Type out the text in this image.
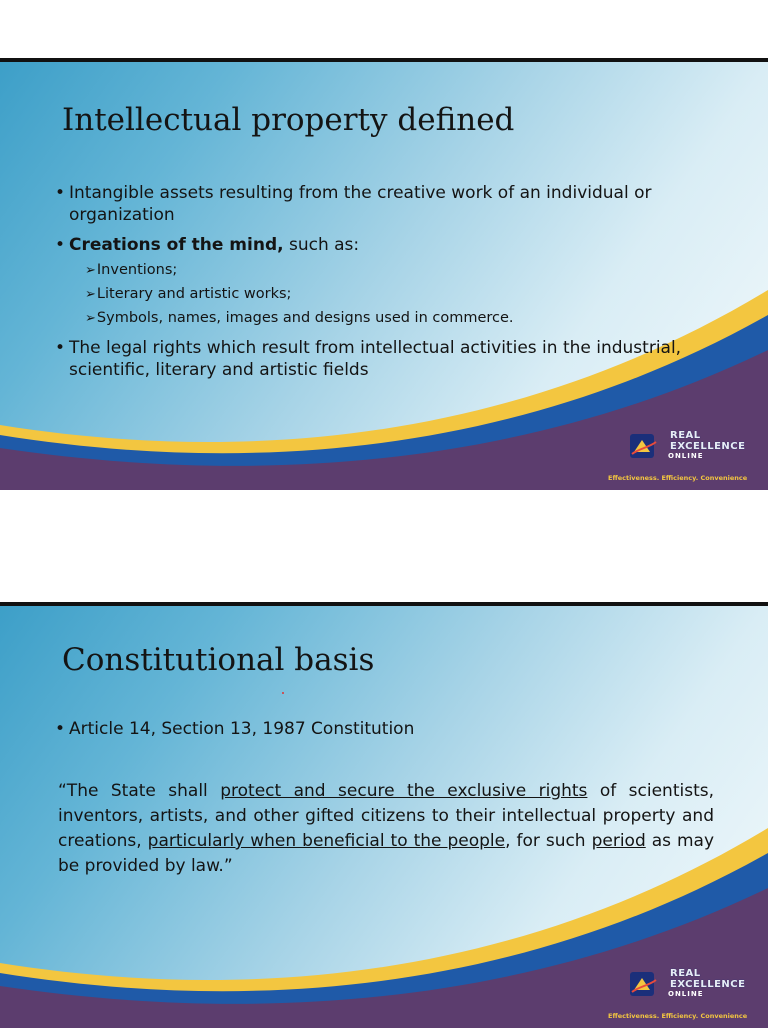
Intellectual property defined
• Intangible assets resulting from the creative work of an individual or organization
• Creations of the mind, such as:
➢Inventions;
➢Literary and artistic works;
➢Symbols, names, images and designs used in commerce.
• The legal rights which result from intellectual activities in the industrial, scientific, literary and artistic fields
REAL
EXCELLENCE
ONLINE
Effectiveness. Efficiency. Convenience
Constitutional basis
• Article 14, Section 13, 1987 Constitution

“The State shall protect and secure the exclusive rights of scientists, inventors, artists, and other gifted citizens to their intellectual property and creations, particularly when beneficial to the people, for such period as may be provided by law.”

REAL
EXCELLENCE
ONLINE
Effectiveness. Efficiency. Convenience
